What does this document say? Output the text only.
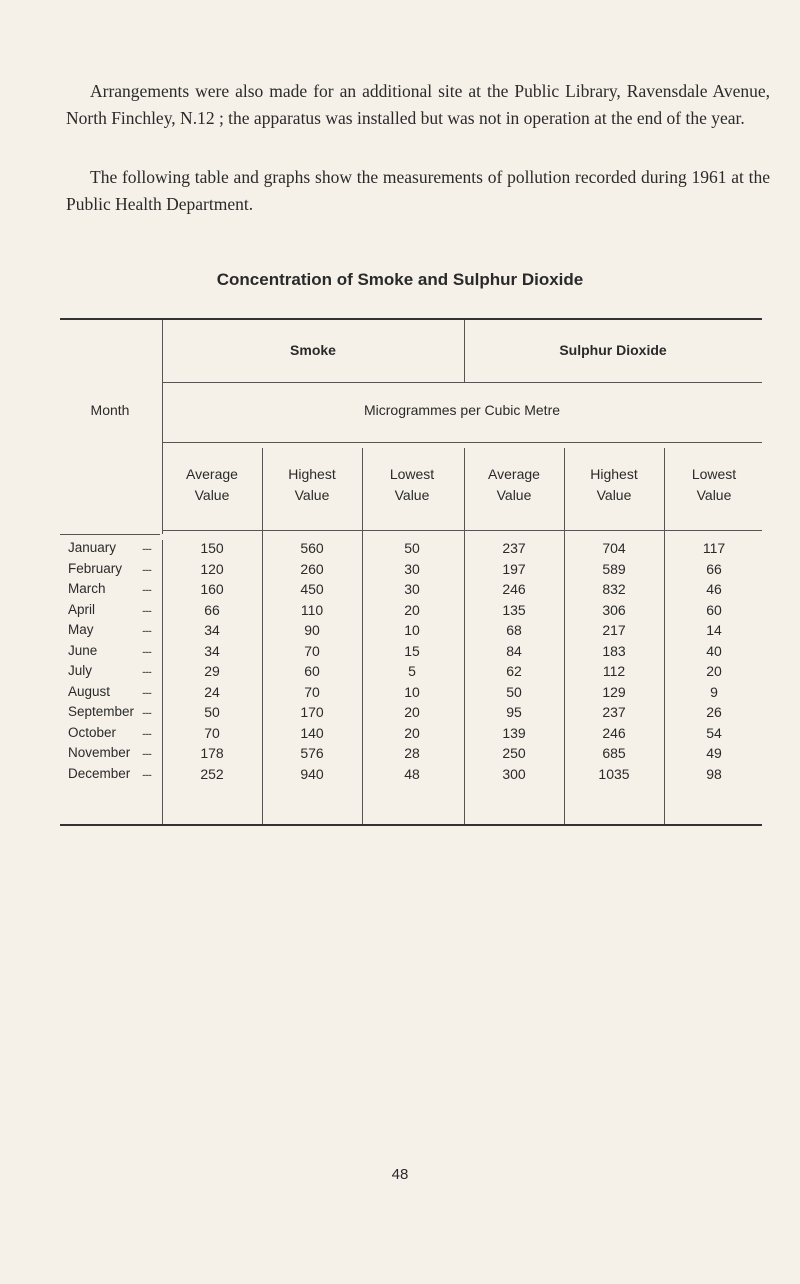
Arrangements were also made for an additional site at the Public Library, Ravensdale Avenue, North Finchley, N.12 ; the apparatus was installed but was not in operation at the end of the year.
The following table and graphs show the measurements of pollution recorded during 1961 at the Public Health Department.
Concentration of Smoke and Sulphur Dioxide
Month
Smoke	Sulphur Dioxide
Microgrammes per Cubic Metre
Average
Value
Highest
Value
Lowest
Value
Average
Value
Highest
Value
Lowest
Value
January	......	150	560	50	237	704	117
February	......	120	260	30	197	589	66
March	......	160	450	30	246	832	46
April	......	66	110	20	135	306	60
May	......	34	90	10	68	217	14
June	......	34	70	15	84	183	40
July	......	29	60	5	62	112	20
August	......	24	70	10	50	129	9
September ......	50	170	20	95	237	26
October	......	70	140	20	139	246	54
November	......	178	576	28	250	685	49
December	......	252	940	48	300	1035	98
48
